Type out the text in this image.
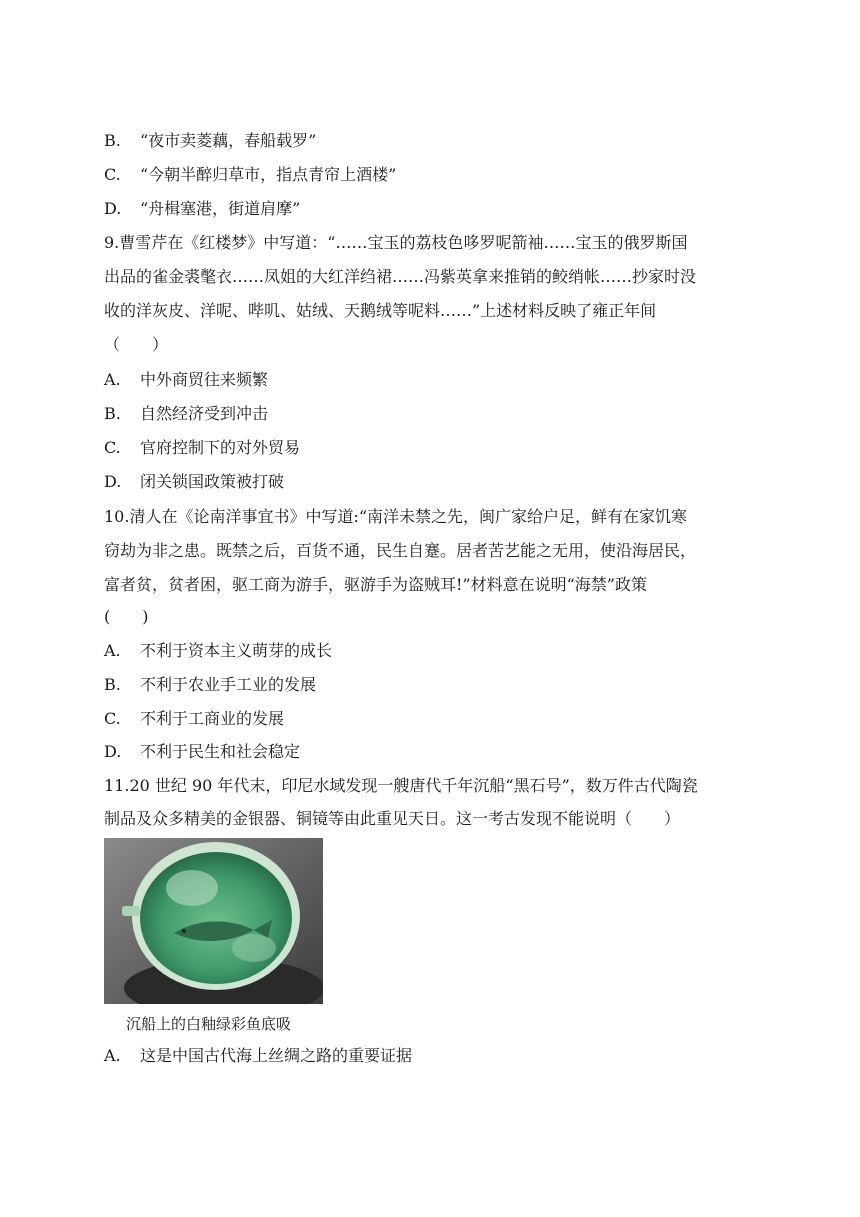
B. “夜市卖菱藕，春船载罗”
C. “今朝半醉归草市，指点青帘上酒楼”
D. “舟楫塞港，街道肩摩”
9.曹雪芹在《红楼梦》中写道：“……宝玉的荔枝色哆罗呢箭袖……宝玉的俄罗斯国
出品的雀金裘氅衣……凤姐的大红洋绉裙……冯紫英拿来推销的鲛绡帐……抄家时没
收的洋灰皮、洋呢、哔叽、姑绒、天鹅绒等呢料……”上述材料反映了雍正年间
（　　）
A. 中外商贸往来频繁
B. 自然经济受到冲击
C. 官府控制下的对外贸易
D. 闭关锁国政策被打破
10.清人在《论南洋事宜书》中写道:“南洋未禁之先，闽广家给户足，鲜有在家饥寒
窃劫为非之患。既禁之后，百货不通，民生自蹇。居者苦艺能之无用，使沿海居民，
富者贫，贫者困，驱工商为游手，驱游手为盗贼耳!”材料意在说明“海禁”政策
(　　)
A. 不利于资本主义萌芽的成长
B. 不利于农业手工业的发展
C. 不利于工商业的发展
D. 不利于民生和社会稳定
11.20 世纪 90 年代末，印尼水域发现一艘唐代千年沉船“黑石号”，数万件古代陶瓷
制品及众多精美的金银器、铜镜等由此重见天日。这一考古发现不能说明（　　）
沉船上的白釉绿彩鱼底吸
A. 这是中国古代海上丝绸之路的重要证据
